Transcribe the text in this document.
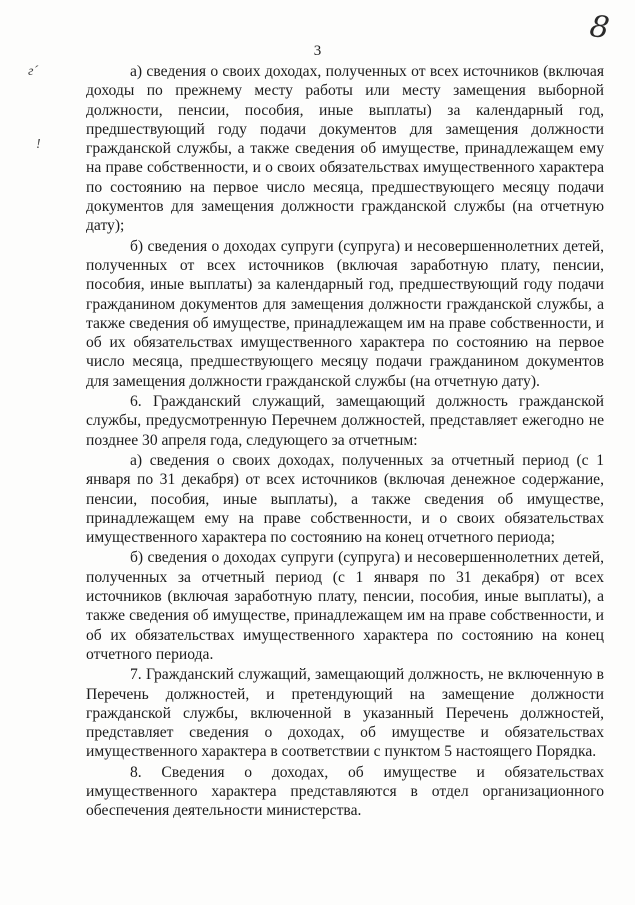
8
3
г´
!

а) сведения о своих доходах, полученных от всех источников (включая доходы по прежнему месту работы или месту замещения выборной должности, пенсии, пособия, иные выплаты) за календарный год, предшествующий году подачи документов для замещения должности гражданской службы, а также сведения об имуществе, принадлежащем ему на праве собственности, и о своих обязательствах имущественного характера по состоянию на первое число месяца, предшествующего месяцу подачи документов для замещения должности гражданской службы (на отчетную дату);

б) сведения о доходах супруги (супруга) и несовершеннолетних детей, полученных от всех источников (включая заработную плату, пенсии, пособия, иные выплаты) за календарный год, предшествующий году подачи гражданином документов для замещения должности гражданской службы, а также сведения об имуществе, принадлежащем им на праве собственности, и об их обязательствах имущественного характера по состоянию на первое число месяца, предшествующего месяцу подачи гражданином документов для замещения должности гражданской службы (на отчетную дату).

6. Гражданский служащий, замещающий должность гражданской службы, предусмотренную Перечнем должностей, представляет ежегодно не позднее 30 апреля года, следующего за отчетным:

а) сведения о своих доходах, полученных за отчетный период (с 1 января по 31 декабря) от всех источников (включая денежное содержание, пенсии, пособия, иные выплаты), а также сведения об имуществе, принадлежащем ему на праве собственности, и о своих обязательствах имущественного характера по состоянию на конец отчетного периода;

б) сведения о доходах супруги (супруга) и несовершеннолетних детей, полученных за отчетный период (с 1 января по 31 декабря) от всех источников (включая заработную плату, пенсии, пособия, иные выплаты), а также сведения об имуществе, принадлежащем им на праве собственности, и об их обязательствах имущественного характера по состоянию на конец отчетного периода.

7. Гражданский служащий, замещающий должность, не включенную в Перечень должностей, и претендующий на замещение должности гражданской службы, включенной в указанный Перечень должностей, представляет сведения о доходах, об имуществе и обязательствах имущественного характера в соответствии с пунктом 5 настоящего Порядка.

8. Сведения о доходах, об имуществе и обязательствах имущественного характера представляются в отдел организационного обеспечения деятельности министерства.
